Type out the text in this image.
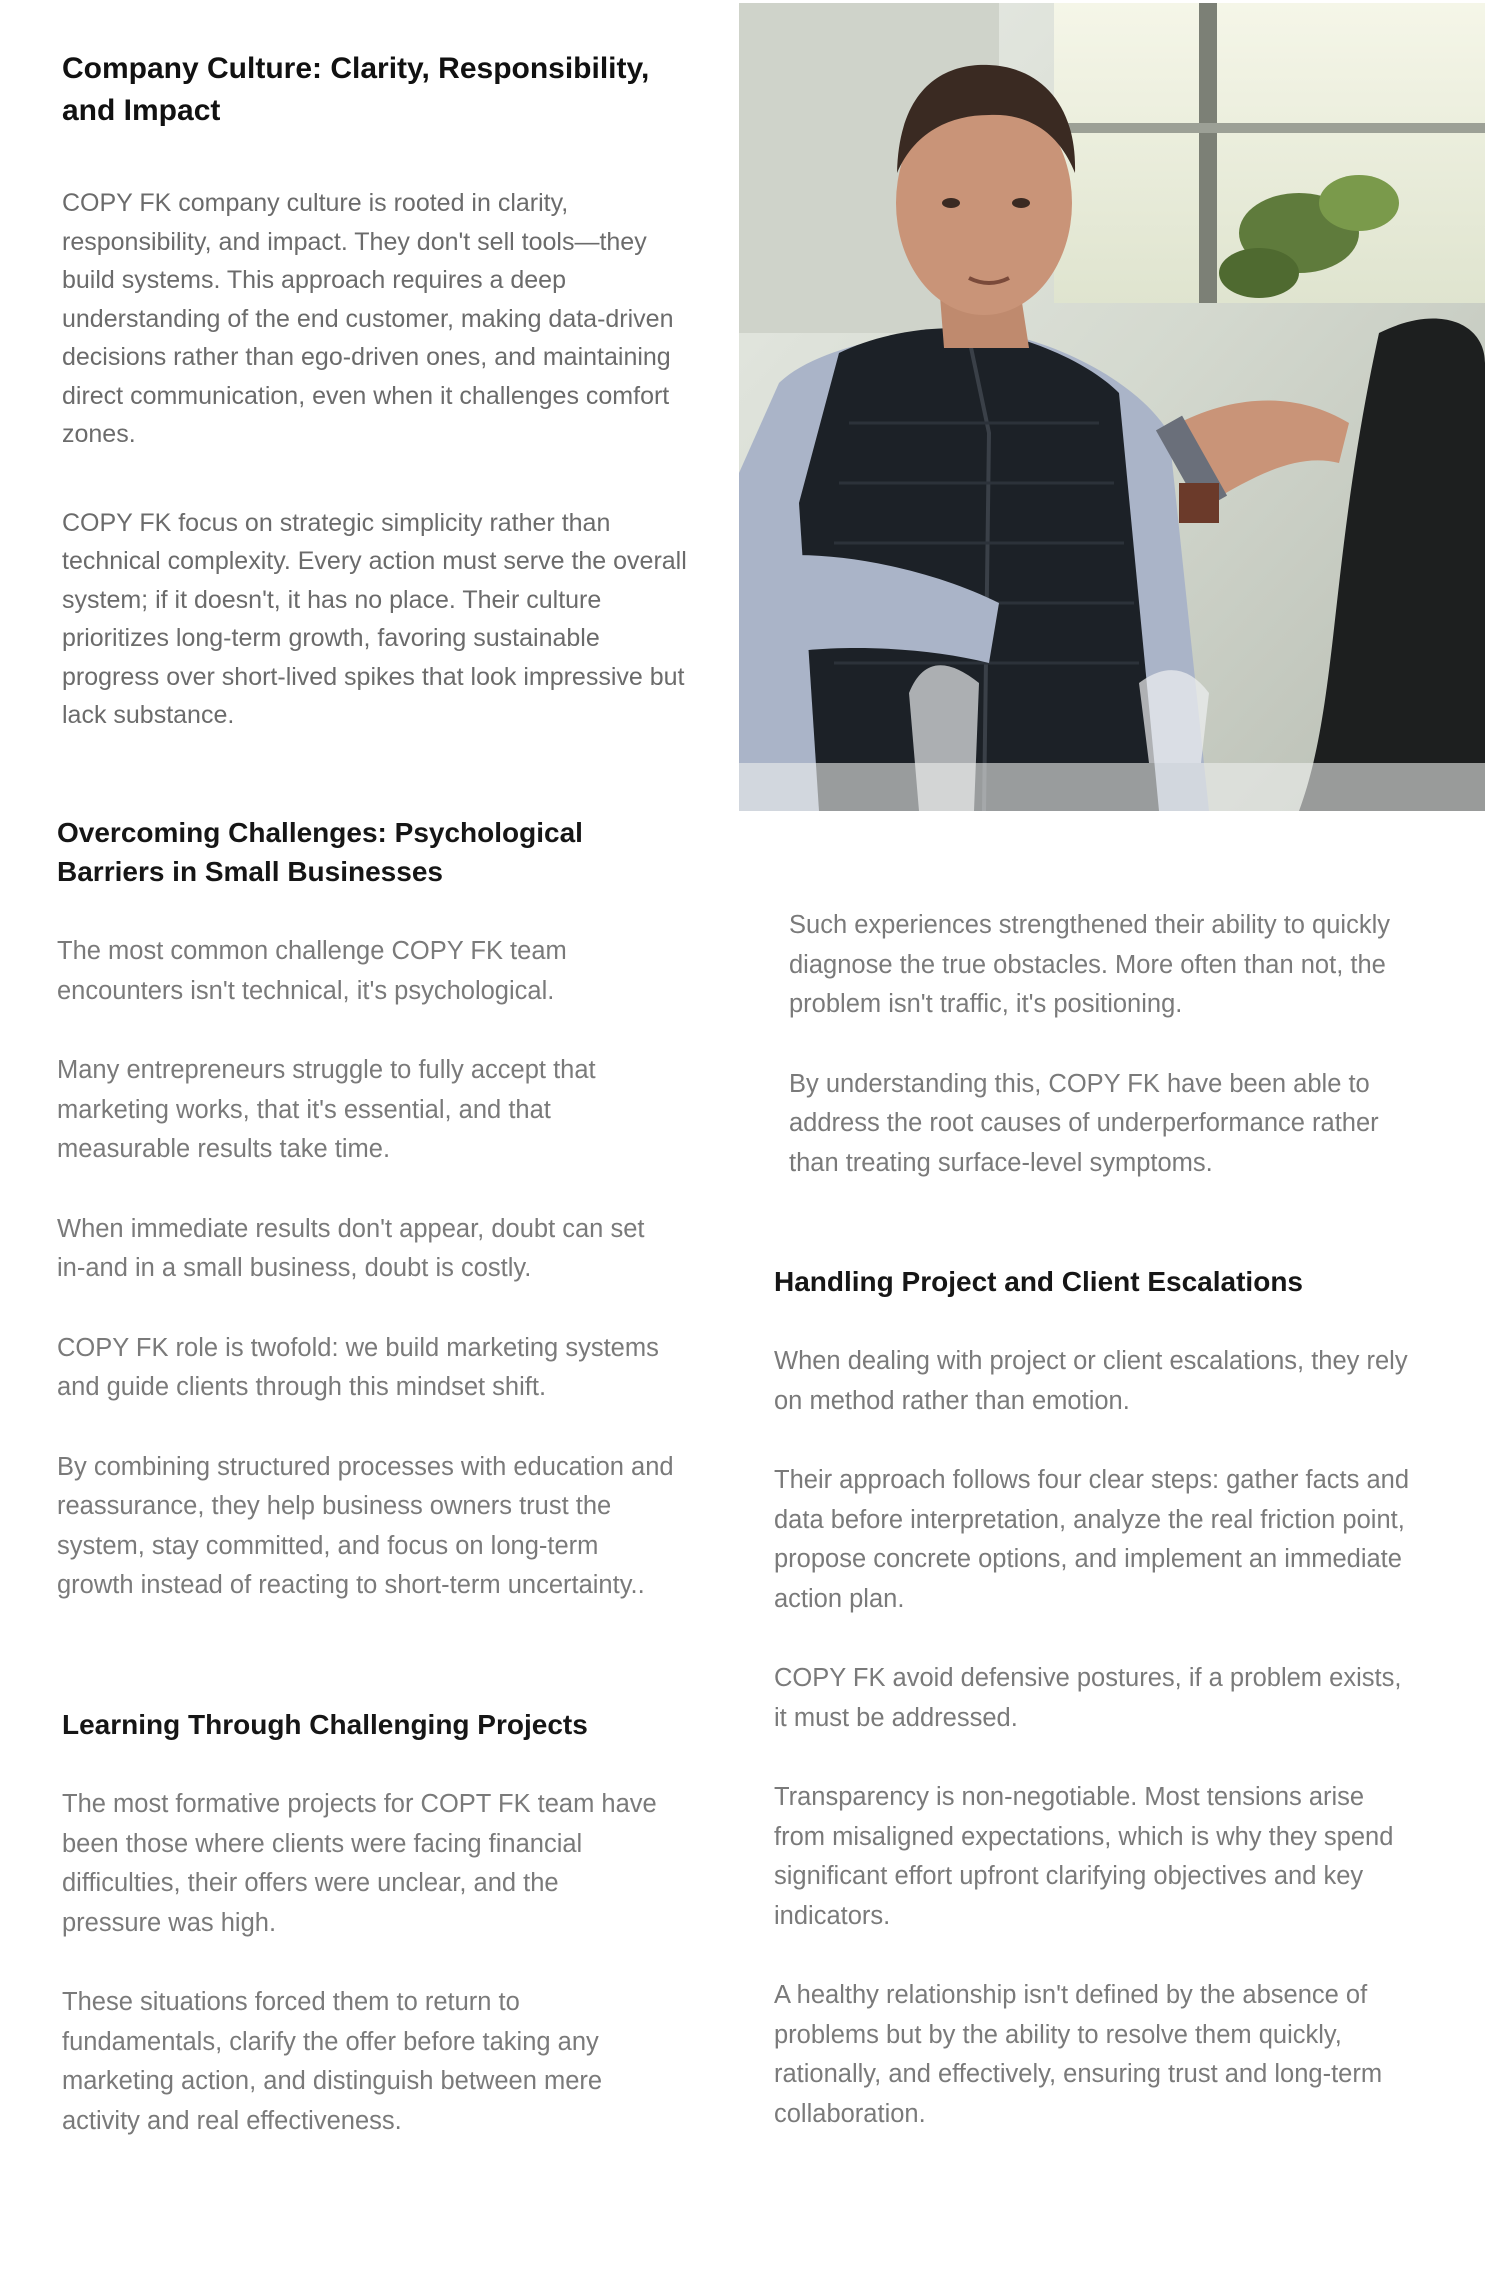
Company Culture: Clarity, Responsibility, and Impact

COPY FK company culture is rooted in clarity, responsibility, and impact. They don't sell tools—they build systems. This approach requires a deep understanding of the end customer, making data-driven decisions rather than ego-driven ones, and maintaining direct communication, even when it challenges comfort zones.

COPY FK focus on strategic simplicity rather than technical complexity. Every action must serve the overall system; if it doesn't, it has no place. Their culture prioritizes long-term growth, favoring sustainable progress over short-lived spikes that look impressive but lack substance.

Overcoming Challenges: Psychological Barriers in Small Businesses

The most common challenge COPY FK team encounters isn't technical, it's psychological.

Many entrepreneurs struggle to fully accept that marketing works, that it's essential, and that measurable results take time.

When immediate results don't appear, doubt can set in-and in a small business, doubt is costly.

COPY FK role is twofold: we build marketing systems and guide clients through this mindset shift.

By combining structured processes with education and reassurance, they help business owners trust the system, stay committed, and focus on long-term growth instead of reacting to short-term uncertainty..

Learning Through Challenging Projects

The most formative projects for COPT FK team have been those where clients were facing financial difficulties, their offers were unclear, and the pressure was high.

These situations forced them to return to fundamentals, clarify the offer before taking any marketing action, and distinguish between mere activity and real effectiveness.

Such experiences strengthened their ability to quickly diagnose the true obstacles. More often than not, the problem isn't traffic, it's positioning.

By understanding this, COPY FK have been able to address the root causes of underperformance rather than treating surface-level symptoms.

Handling Project and Client Escalations

When dealing with project or client escalations, they rely on method rather than emotion.

Their approach follows four clear steps: gather facts and data before interpretation, analyze the real friction point, propose concrete options, and implement an immediate action plan.

COPY FK avoid defensive postures, if a problem exists, it must be addressed.

Transparency is non-negotiable. Most tensions arise from misaligned expectations, which is why they spend significant effort upfront clarifying objectives and key indicators.

A healthy relationship isn't defined by the absence of problems but by the ability to resolve them quickly, rationally, and effectively, ensuring trust and long-term collaboration.
